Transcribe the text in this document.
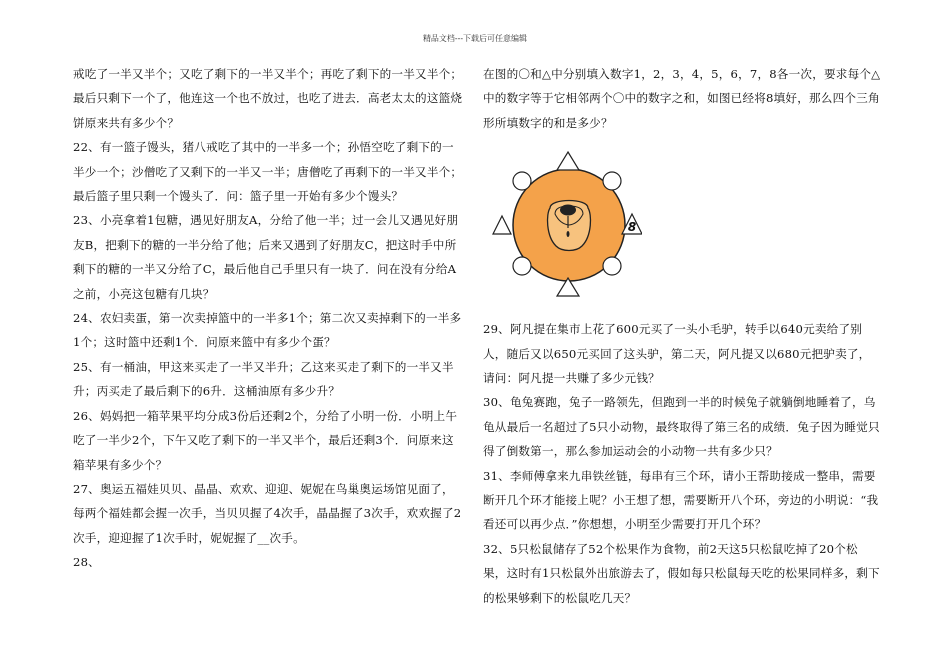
精品文档---下载后可任意编辑

戒吃了一半又半个；又吃了剩下的一半又半个；再吃了剩下的一半又半个；最后只剩下一个了，他连这一个也不放过，也吃了进去．高老太太的这篮烧饼原来共有多少个？

22、有一篮子馒头，猪八戒吃了其中的一半多一个；孙悟空吃了剩下的一半少一个；沙僧吃了又剩下的一半又一半；唐僧吃了再剩下的一半又半个；最后篮子里只剩一个馒头了．问：篮子里一开始有多少个馒头？

23、小亮拿着1包糖，遇见好朋友A，分给了他一半；过一会儿又遇见好朋友B，把剩下的糖的一半分给了他；后来又遇到了好朋友C，把这时手中所剩下的糖的一半又分给了C，最后他自己手里只有一块了．问在没有分给A之前，小亮这包糖有几块？

24、农妇卖蛋，第一次卖掉篮中的一半多1个；第二次又卖掉剩下的一半多1个；这时篮中还剩1个．问原来篮中有多少个蛋？

25、有一桶油，甲这来买走了一半又半升；乙这来买走了剩下的一半又半升；丙买走了最后剩下的6升．这桶油原有多少升？

26、妈妈把一箱苹果平均分成3份后还剩2个，分给了小明一份．小明上午吃了一半少2个，下午又吃了剩下的一半又半个，最后还剩3个．问原来这箱苹果有多少个？

27、奥运五福娃贝贝、晶晶、欢欢、迎迎、妮妮在鸟巢奥运场馆见面了，每两个福娃都会握一次手，当贝贝握了4次手，晶晶握了3次手，欢欢握了2次手，迎迎握了1次手时，妮妮握了__次手。

28、

在图的〇和△中分别填入数字1，2，3，4，5，6，7，8各一次，要求每个△中的数字等于它相邻两个〇中的数字之和，如图已经将8填好，那么四个三角形所填数字的和是多少？

29、阿凡提在集市上花了600元买了一头小毛驴，转手以640元卖给了别人，随后又以650元买回了这头驴，第二天，阿凡提又以680元把驴卖了，请问：阿凡提一共赚了多少元钱？

30、龟兔赛跑，兔子一路领先，但跑到一半的时候兔子就躺倒地睡着了，乌龟从最后一名超过了5只小动物，最终取得了第三名的成绩．兔子因为睡觉只得了倒数第一，那么参加运动会的小动物一共有多少只？

31、李师傅拿来九串铁丝链，每串有三个环，请小王帮助接成一整串，需要断开几个环才能接上呢？小王想了想，需要断开八个环，旁边的小明说：“我看还可以再少点．”你想想，小明至少需要打开几个环？

32、5只松鼠储存了52个松果作为食物，前2天这5只松鼠吃掉了20个松果，这时有1只松鼠外出旅游去了，假如每只松鼠每天吃的松果同样多，剩下的松果够剩下的松鼠吃几天？

8
